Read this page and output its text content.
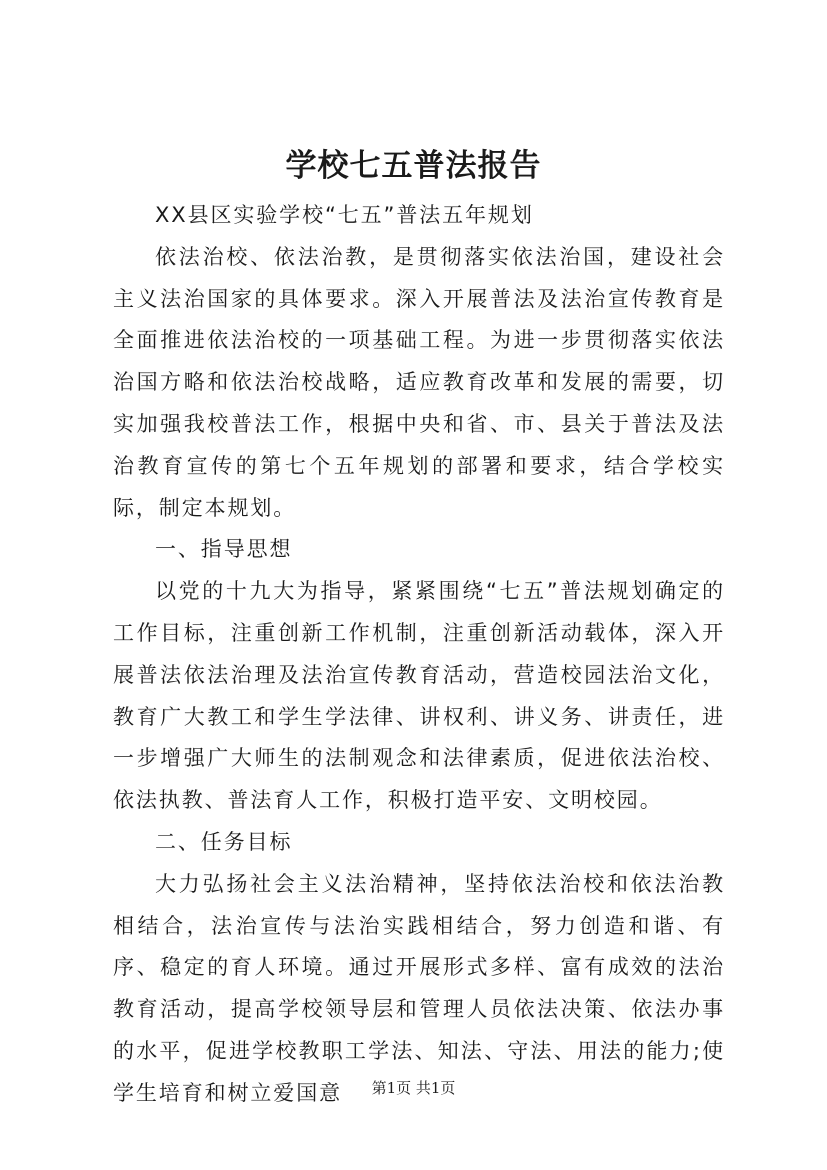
学校七五普法报告

XX县区实验学校“七五”普法五年规划

依法治校、依法治教，是贯彻落实依法治国，建设社会主义法治国家的具体要求。深入开展普法及法治宣传教育是全面推进依法治校的一项基础工程。为进一步贯彻落实依法治国方略和依法治校战略，适应教育改革和发展的需要，切实加强我校普法工作，根据中央和省、市、县关于普法及法治教育宣传的第七个五年规划的部署和要求，结合学校实际，制定本规划。

一、指导思想

以党的十九大为指导，紧紧围绕“七五”普法规划确定的工作目标，注重创新工作机制，注重创新活动载体，深入开展普法依法治理及法治宣传教育活动，营造校园法治文化，教育广大教工和学生学法律、讲权利、讲义务、讲责任，进一步增强广大师生的法制观念和法律素质，促进依法治校、依法执教、普法育人工作，积极打造平安、文明校园。

二、任务目标

大力弘扬社会主义法治精神，坚持依法治校和依法治教相结合，法治宣传与法治实践相结合，努力创造和谐、有序、稳定的育人环境。通过开展形式多样、富有成效的法治教育活动，提高学校领导层和管理人员依法决策、依法办事的水平，促进学校教职工学法、知法、守法、用法的能力;使学生培育和树立爱国意	第1页 共1页
